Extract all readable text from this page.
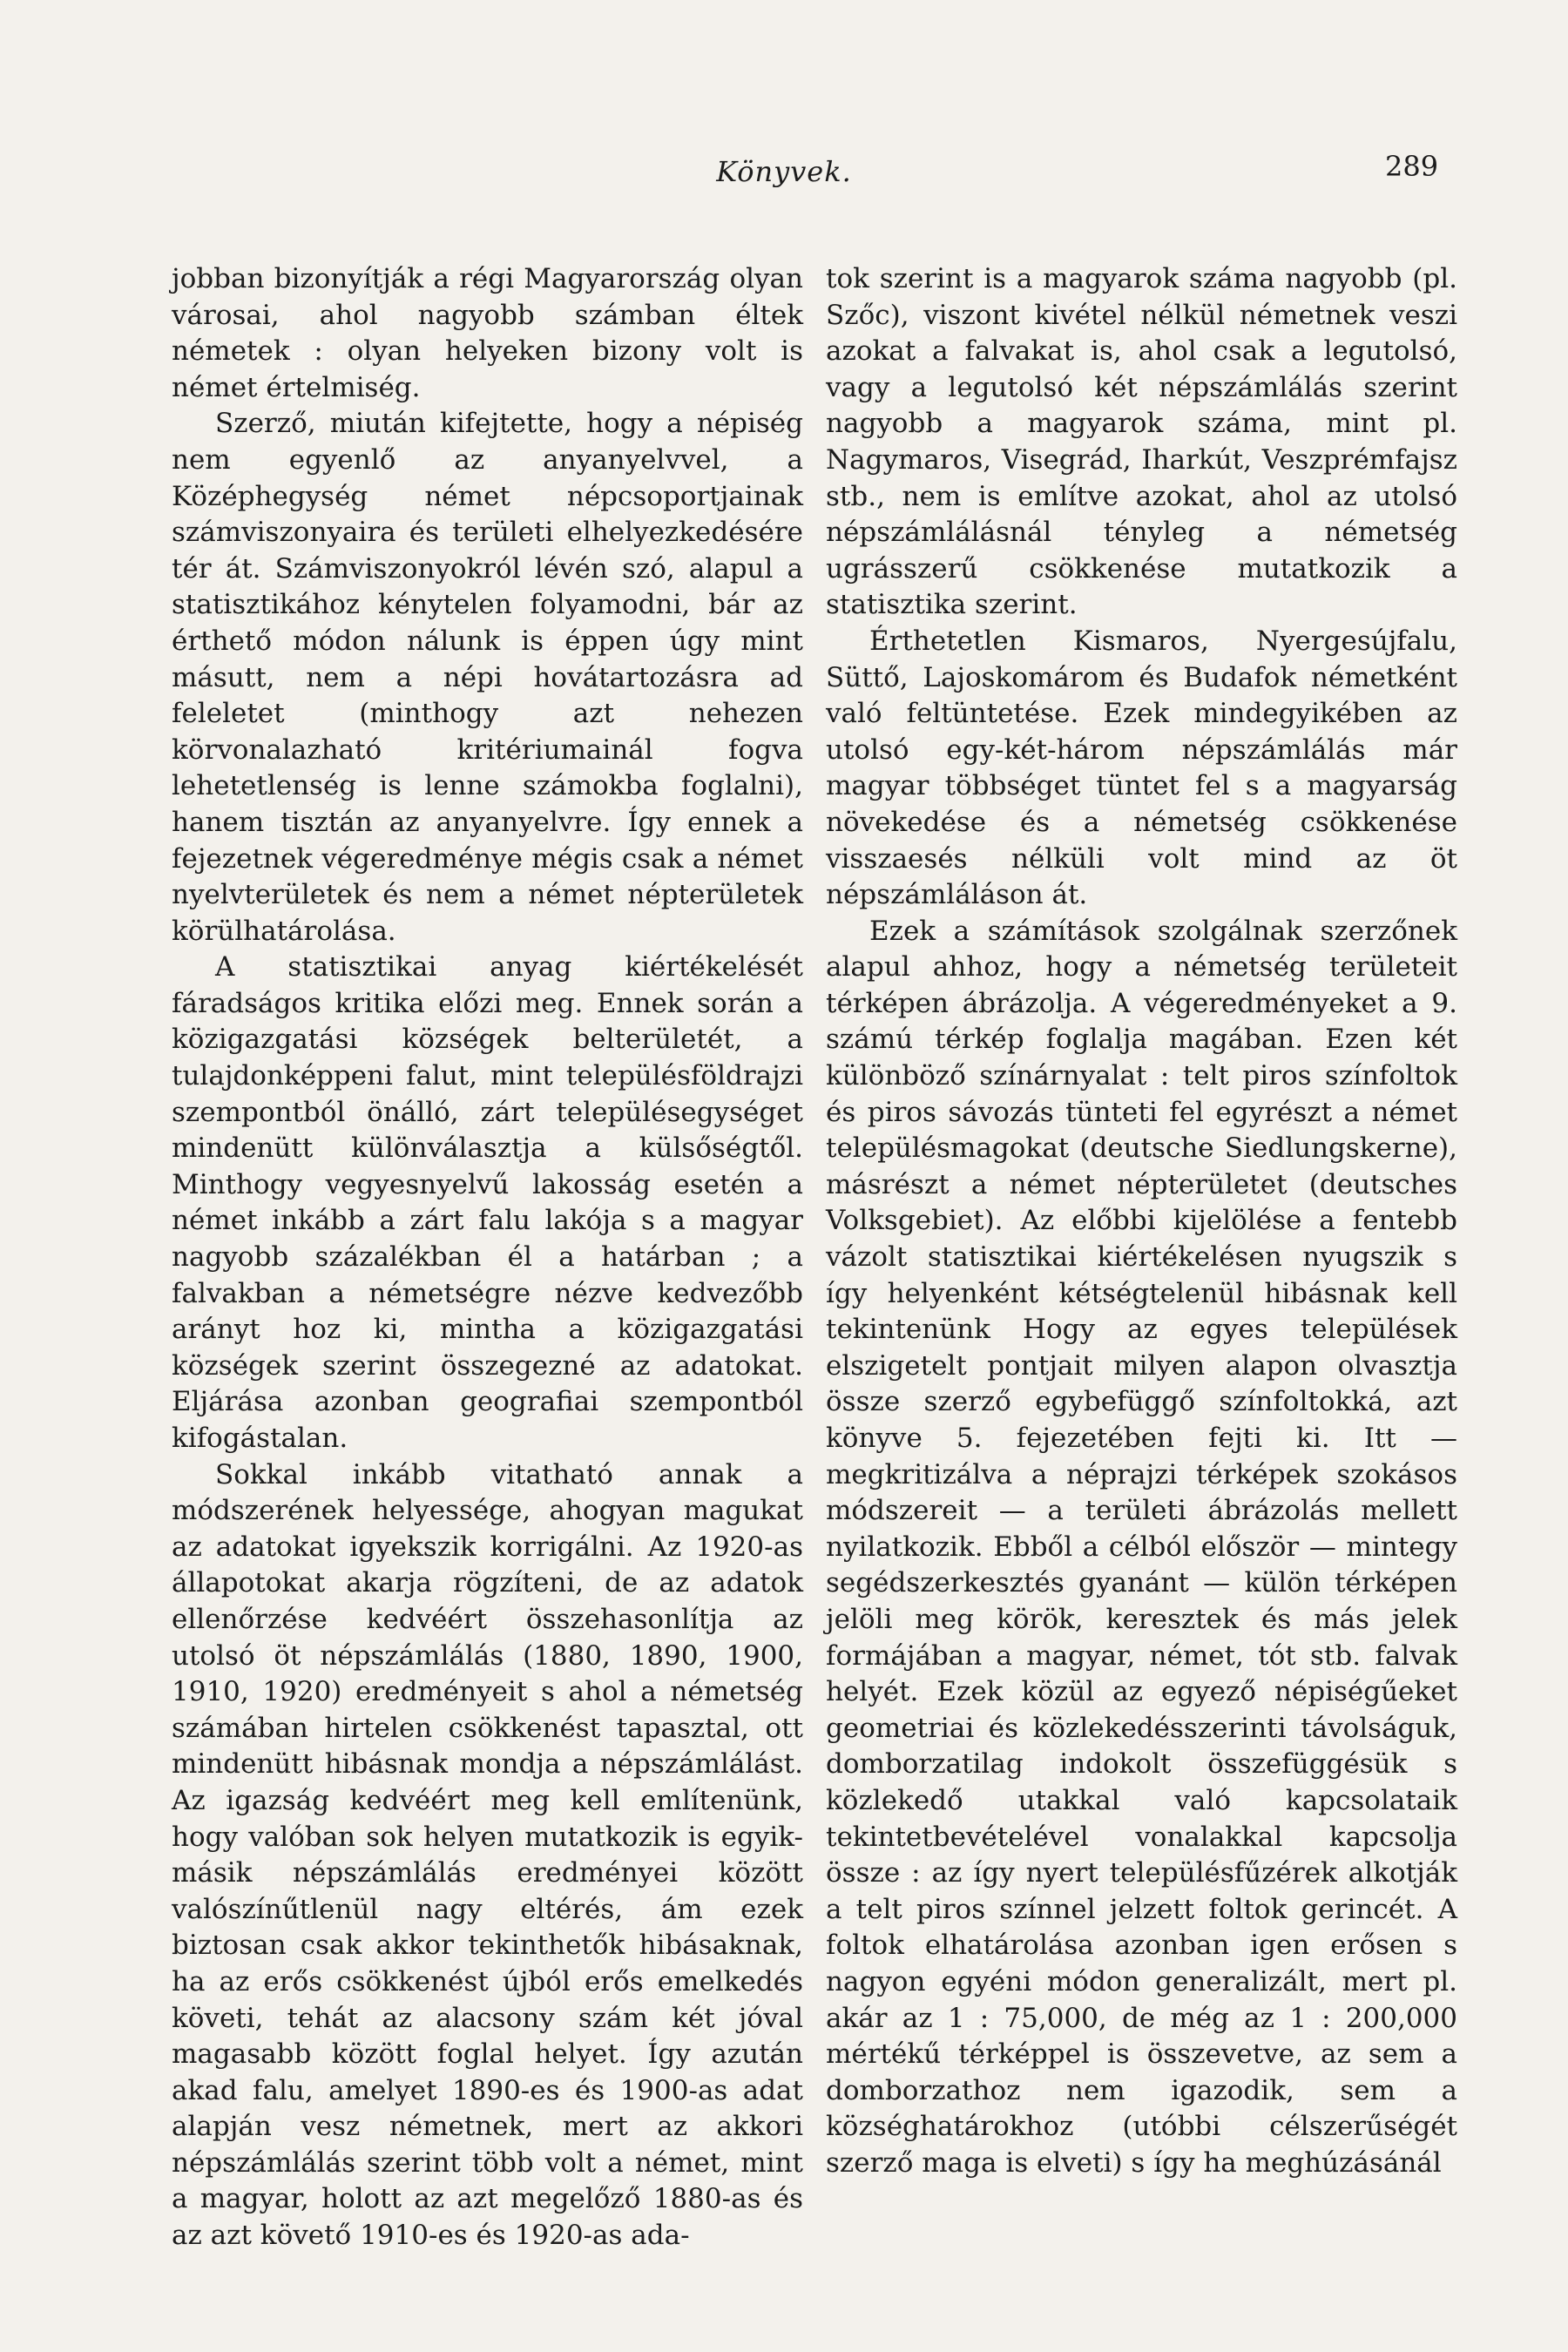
Könyvek.	289

jobban bizonyítják a régi Magyarország olyan városai, ahol nagyobb számban éltek németek : olyan helyeken bizony volt is német értelmiség.

Szerző, miután kifejtette, hogy a népiség nem egyenlő az anyanyelvvel, a Középhegység német népcsoportjainak számviszonyaira és területi elhelyezkedésére tér át. Számviszonyokról lévén szó, alapul a statisztikához kénytelen folyamodni, bár az érthető módon nálunk is éppen úgy mint másutt, nem a népi hovátartozásra ad feleletet (minthogy azt nehezen körvonalazható kritériumainál fogva lehetetlenség is lenne számokba foglalni), hanem tisztán az anyanyelvre. Így ennek a fejezetnek végeredménye mégis csak a német nyelvterületek és nem a német népterületek körülhatárolása.

A statisztikai anyag kiértékelését fáradságos kritika előzi meg. Ennek során a közigazgatási községek belterületét, a tulajdonképpeni falut, mint településföldrajzi szempontból önálló, zárt településegységet mindenütt különválasztja a külsőségtől. Minthogy vegyesnyelvű lakosság esetén a német inkább a zárt falu lakója s a magyar nagyobb százalékban él a határban ; a falvakban a németségre nézve kedvezőbb arányt hoz ki, mintha a közigazgatási községek szerint összegezné az adatokat. Eljárása azonban geografiai szempontból kifogástalan.

Sokkal inkább vitatható annak a módszerének helyessége, ahogyan magukat az adatokat igyekszik korrigálni. Az 1920-as állapotokat akarja rögzíteni, de az adatok ellenőrzése kedvéért összehasonlítja az utolsó öt népszámlálás (1880, 1890, 1900, 1910, 1920) eredményeit s ahol a németség számában hirtelen csökkenést tapasztal, ott mindenütt hibásnak mondja a népszámlálást. Az igazság kedvéért meg kell említenünk, hogy valóban sok helyen mutatkozik is egyik-másik népszámlálás eredményei között valószínűtlenül nagy eltérés, ám ezek biztosan csak akkor tekinthetők hibásaknak, ha az erős csökkenést újból erős emelkedés követi, tehát az alacsony szám két jóval magasabb között foglal helyet. Így azután akad falu, amelyet 1890-es és 1900-as adat alapján vesz németnek, mert az akkori népszámlálás szerint több volt a német, mint a magyar, holott az azt megelőző 1880-as és az azt követő 1910-es és 1920-as ada-

tok szerint is a magyarok száma nagyobb (pl. Szőc), viszont kivétel nélkül németnek veszi azokat a falvakat is, ahol csak a legutolsó, vagy a legutolsó két népszámlálás szerint nagyobb a magyarok száma, mint pl. Nagymaros, Visegrád, Iharkút, Veszprémfajsz stb., nem is említve azokat, ahol az utolsó népszámlálásnál tényleg a németség ugrásszerű csökkenése mutatkozik a statisztika szerint.

Érthetetlen Kismaros, Nyergesújfalu, Süttő, Lajoskomárom és Budafok németként való feltüntetése. Ezek mindegyikében az utolsó egy-két-három népszámlálás már magyar többséget tüntet fel s a magyarság növekedése és a németség csökkenése visszaesés nélküli volt mind az öt népszámláláson át.

Ezek a számítások szolgálnak szerzőnek alapul ahhoz, hogy a németség területeit térképen ábrázolja. A végeredményeket a 9. számú térkép foglalja magában. Ezen két különböző színárnyalat : telt piros színfoltok és piros sávozás tünteti fel egyrészt a német településmagokat (deutsche Siedlungskerne), másrészt a német népterületet (deutsches Volksgebiet). Az előbbi kijelölése a fentebb vázolt statisztikai kiértékelésen nyugszik s így helyenként kétségtelenül hibásnak kell tekintenünk Hogy az egyes települések elszigetelt pontjait milyen alapon olvasztja össze szerző egybefüggő színfoltokká, azt könyve 5. fejezetében fejti ki. Itt — megkritizálva a néprajzi térképek szokásos módszereit — a területi ábrázolás mellett nyilatkozik. Ebből a célból először — mintegy segédszerkesztés gyanánt — külön térképen jelöli meg körök, keresztek és más jelek formájában a magyar, német, tót stb. falvak helyét. Ezek közül az egyező népiségűeket geometriai és közlekedésszerinti távolságuk, domborzatilag indokolt összefüggésük s közlekedő utakkal való kapcsolataik tekintetbevételével vonalakkal kapcsolja össze : az így nyert településfűzérek alkotják a telt piros színnel jelzett foltok gerincét. A foltok elhatárolása azonban igen erősen s nagyon egyéni módon generalizált, mert pl. akár az 1 : 75,000, de még az 1 : 200,000 mértékű térképpel is összevetve, az sem a domborzathoz nem igazodik, sem a községhatárokhoz (utóbbi célszerűségét szerző maga is elveti) s így ha meghúzásánál
